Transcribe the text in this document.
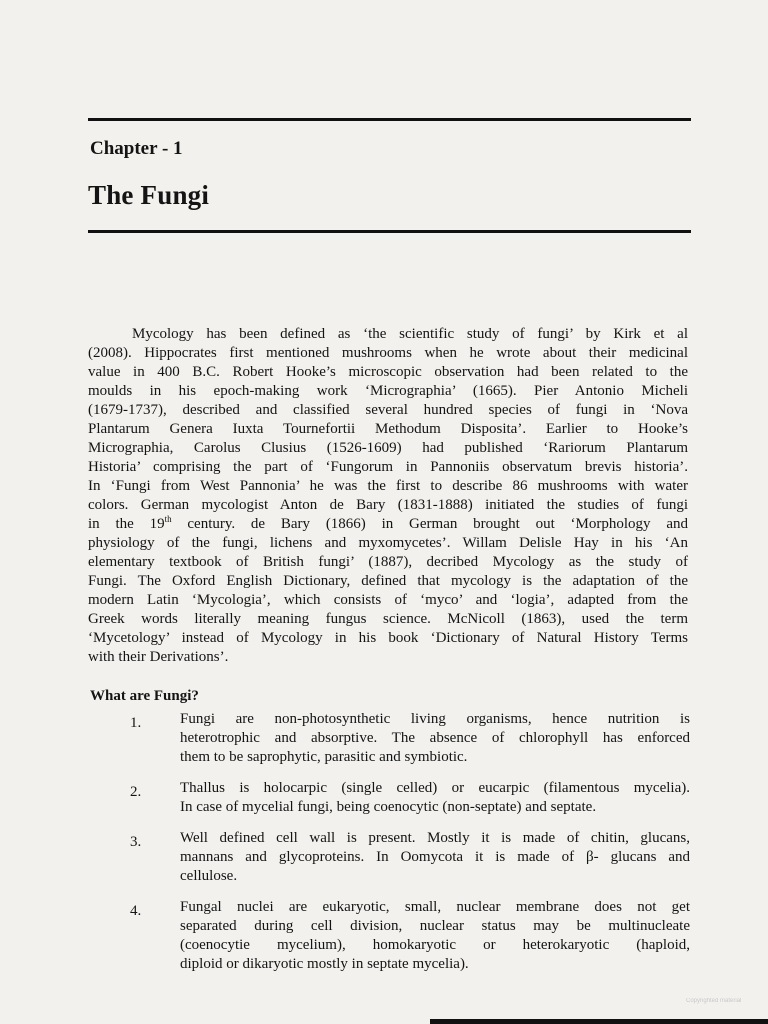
Chapter - 1
The Fungi
Mycology has been defined as ‘the scientific study of fungi’ by Kirk et al
(2008). Hippocrates first mentioned mushrooms when he wrote about their medicinal
value in 400 B.C. Robert Hooke’s microscopic observation had been related to the
moulds in his epoch-making work ‘Micrographia’ (1665). Pier Antonio Micheli
(1679-1737), described and classified several hundred species of fungi in ‘Nova
Plantarum Genera Iuxta Tournefortii Methodum Disposita’. Earlier to Hooke’s
Micrographia, Carolus Clusius (1526-1609) had published ‘Rariorum Plantarum
Historia’ comprising the part of ‘Fungorum in Pannoniis observatum brevis historia’.
In ‘Fungi from West Pannonia’ he was the first to describe 86 mushrooms with water
colors. German mycologist Anton de Bary (1831-1888) initiated the studies of fungi
in the 19th century. de Bary (1866) in German brought out ‘Morphology and
physiology of the fungi, lichens and myxomycetes’. Willam Delisle Hay in his ‘An
elementary textbook of British fungi’ (1887), decribed Mycology as the study of
Fungi. The Oxford English Dictionary, defined that mycology is the adaptation of the
modern Latin ‘Mycologia’, which consists of ‘myco’ and ‘logia’, adapted from the
Greek words literally meaning fungus science. McNicoll (1863), used the term
‘Mycetology’ instead of Mycology in his book ‘Dictionary of Natural History Terms
with their Derivations’.
What are Fungi?
1.	Fungi are non-photosynthetic living organisms, hence nutrition is
heterotrophic and absorptive. The absence of chlorophyll has enforced
them to be saprophytic, parasitic and symbiotic.
2.	Thallus is holocarpic (single celled) or eucarpic (filamentous mycelia).
In case of mycelial fungi, being coenocytic (non-septate) and septate.
3.	Well defined cell wall is present. Mostly it is made of chitin, glucans,
mannans and glycoproteins. In Oomycota it is made of β- glucans and
cellulose.
4.	Fungal nuclei are eukaryotic, small, nuclear membrane does not get
separated during cell division, nuclear status may be multinucleate
(coenocytie mycelium), homokaryotic or heterokaryotic (haploid,
diploid or dikaryotic mostly in septate mycelia).
Copyrighted material
